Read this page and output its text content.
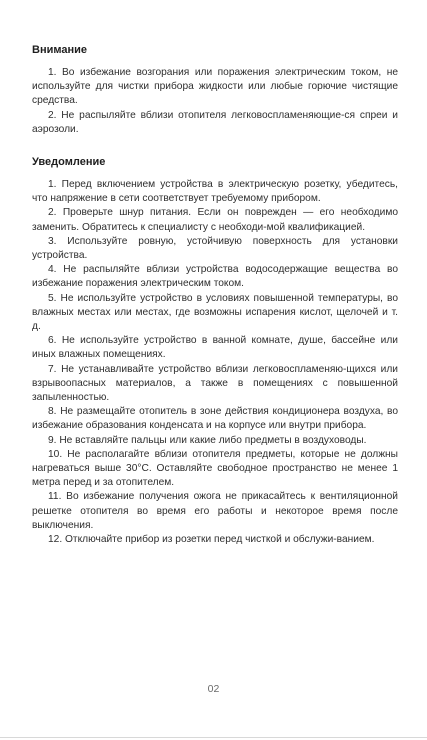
Внимание

1. Во избежание возгорания или поражения электрическим током, не используйте для чистки прибора жидкости или любые горючие чистящие средства.

2. Не распыляйте вблизи отопителя легковоспламеняющие-ся спреи и аэрозоли.

Уведомление

1. Перед включением устройства в электрическую розетку, убедитесь, что напряжение в сети соответствует требуемому прибором.

2. Проверьте шнур питания. Если он поврежден — его необходимо заменить. Обратитесь к специалисту с необходи-мой квалификацией.

3. Используйте ровную, устойчивую поверхность для установки устройства.

4. Не распыляйте вблизи устройства водосодержащие вещества во избежание поражения электрическим током.

5. Не используйте устройство в условиях повышенной температуры, во влажных местах или местах, где возможны испарения кислот, щелочей и т. д.

6. Не используйте устройство в ванной комнате, душе, бассейне или иных влажных помещениях.

7. Не устанавливайте устройство вблизи легковоспламеняю-щихся или взрывоопасных материалов, а также в помещениях с повышенной запыленностью.

8. Не размещайте отопитель в зоне действия кондиционера воздуха, во избежание образования конденсата и на корпусе или внутри прибора.

9. Не вставляйте пальцы или какие либо предметы в воздуховоды.

10. Не располагайте вблизи отопителя предметы, которые не должны нагреваться выше 30°С. Оставляйте свободное пространство не менее 1 метра перед и за отопителем.

11. Во избежание получения ожога не прикасайтесь к вентиляционной решетке отопителя во время его работы и некоторое время после выключения.

12. Отключайте прибор из розетки перед чисткой и обслужи-ванием.

02
